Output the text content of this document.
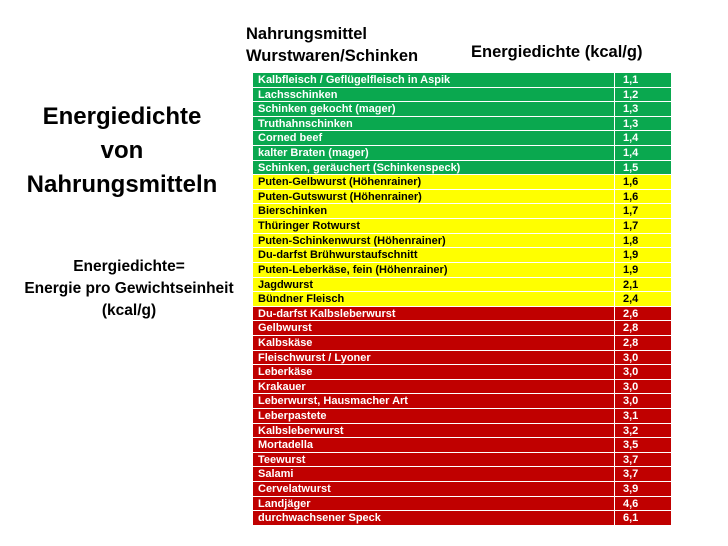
Energiedichte
von
Nahrungsmitteln
Energiedichte=
Energie pro Gewichtseinheit
(kcal/g)
Nahrungsmittel
Wurstwaren/Schinken	Energiedichte (kcal/g)
Kalbfleisch / Geflügelfleisch in Aspik	1,1
Lachsschinken	1,2
Schinken gekocht (mager)	1,3
Truthahnschinken	1,3
Corned beef	1,4
kalter Braten (mager)	1,4
Schinken, geräuchert (Schinkenspeck)	1,5
Puten-Gelbwurst (Höhenrainer)	1,6
Puten-Gutswurst (Höhenrainer)	1,6
Bierschinken	1,7
Thüringer Rotwurst	1,7
Puten-Schinkenwurst (Höhenrainer)	1,8
Du-darfst Brühwurstaufschnitt	1,9
Puten-Leberkäse, fein (Höhenrainer)	1,9
Jagdwurst	2,1
Bündner Fleisch	2,4
Du-darfst Kalbsleberwurst	2,6
Gelbwurst	2,8
Kalbskäse	2,8
Fleischwurst / Lyoner	3,0
Leberkäse	3,0
Krakauer	3,0
Leberwurst, Hausmacher Art	3,0
Leberpastete	3,1
Kalbsleberwurst	3,2
Mortadella	3,5
Teewurst	3,7
Salami	3,7
Cervelatwurst	3,9
Landjäger	4,6
durchwachsener Speck	6,1
